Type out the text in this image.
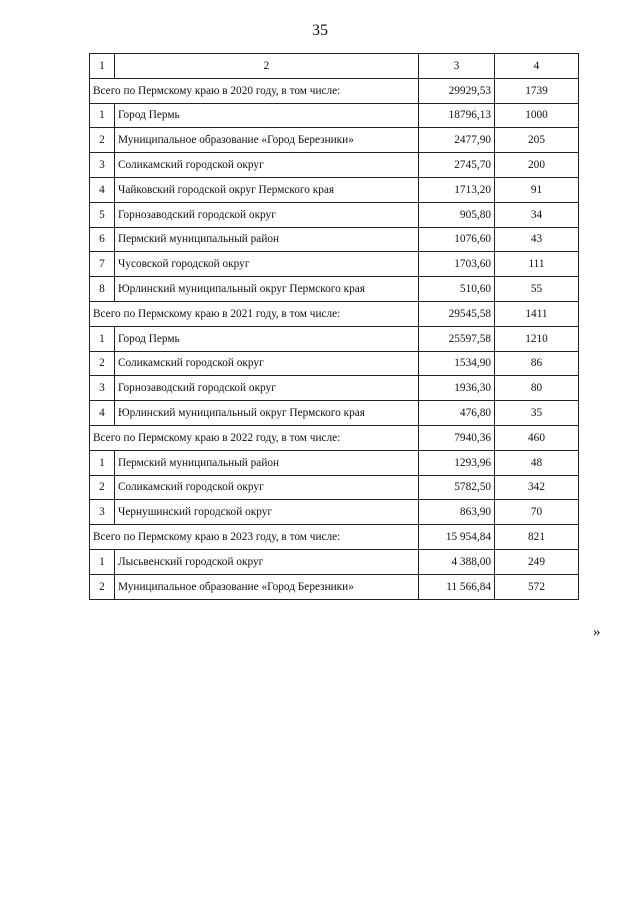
35
1	2	3	4
Всего по Пермскому краю в 2020 году, в том числе:		29929,53	1739
1	Город Пермь	18796,13	1000
2	Муниципальное образование «Город Березники»	2477,90	205
3	Соликамский городской округ	2745,70	200
4	Чайковский городской округ Пермского края	1713,20	91
5	Горнозаводский городской округ	905,80	34
6	Пермский муниципальный район	1076,60	43
7	Чусовской городской округ	1703,60	111
8	Юрлинский муниципальный округ Пермского края	510,60	55
Всего по Пермскому краю в 2021 году, в том числе:		29545,58	1411
1	Город Пермь	25597,58	1210
2	Соликамский городской округ	1534,90	86
3	Горнозаводский городской округ	1936,30	80
4	Юрлинский муниципальный округ Пермского края	476,80	35
Всего по Пермскому краю в 2022 году, в том числе:		7940,36	460
1	Пермский муниципальный район	1293,96	48
2	Соликамский городской округ	5782,50	342
3	Чернушинский городской округ	863,90	70
Всего по Пермскому краю в 2023 году, в том числе:		15 954,84	821
1	Лысьвенский городской округ	4 388,00	249
2	Муниципальное образование «Город Березники»	11 566,84	572
»
